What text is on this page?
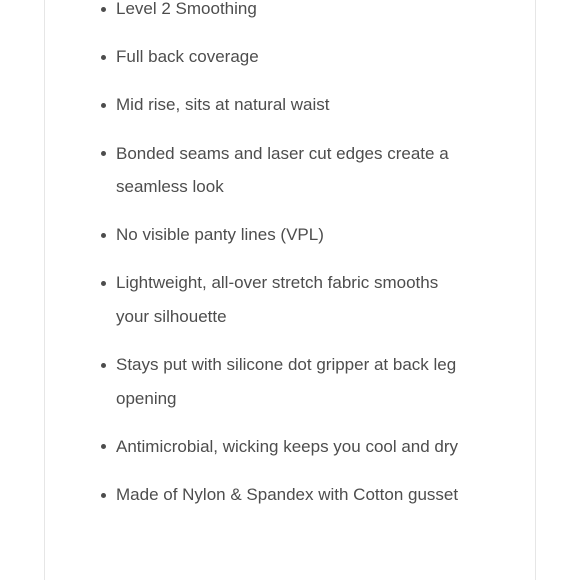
Level 2 Smoothing
Full back coverage
Mid rise, sits at natural waist
Bonded seams and laser cut edges create a seamless look
No visible panty lines (VPL)
Lightweight, all-over stretch fabric smooths your silhouette
Stays put with silicone dot gripper at back leg opening
Antimicrobial, wicking keeps you cool and dry
Made of Nylon & Spandex with Cotton gusset
